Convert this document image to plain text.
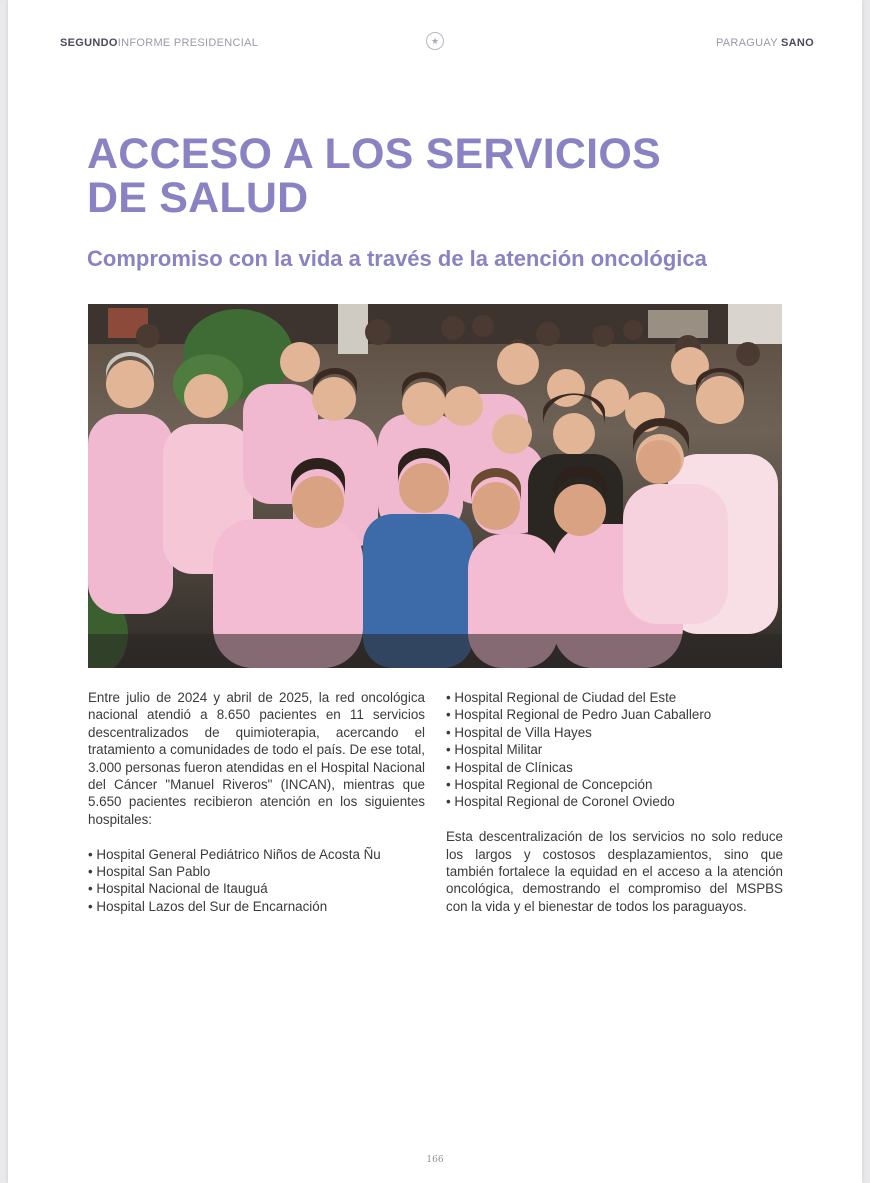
SEGUNDOINFORME PRESIDENCIAL	★	PARAGUAY SANO
ACCESO A LOS SERVICIOS
DE SALUD
Compromiso con la vida a través de la atención oncológica

Entre julio de 2024 y abril de 2025, la red oncológica nacional atendió a 8.650 pacientes en 11 servicios descentralizados de quimioterapia, acercando el tratamiento a comunidades de todo el país. De ese total, 3.000 personas fueron atendidas en el Hospital Nacional del Cáncer "Manuel Riveros" (INCAN), mientras que 5.650 pacientes recibieron atención en los siguientes hospitales:

• Hospital General Pediátrico Niños de Acosta Ñu
• Hospital San Pablo
• Hospital Nacional de Itauguá
• Hospital Lazos del Sur de Encarnación
• Hospital Regional de Ciudad del Este
• Hospital Regional de Pedro Juan Caballero
• Hospital de Villa Hayes
• Hospital Militar
• Hospital de Clínicas
• Hospital Regional de Concepción
• Hospital Regional de Coronel Oviedo

Esta descentralización de los servicios no solo reduce los largos y costosos desplazamientos, sino que también fortalece la equidad en el acceso a la atención oncológica, demostrando el compromiso del MSPBS con la vida y el bienestar de todos los paraguayos.

166
